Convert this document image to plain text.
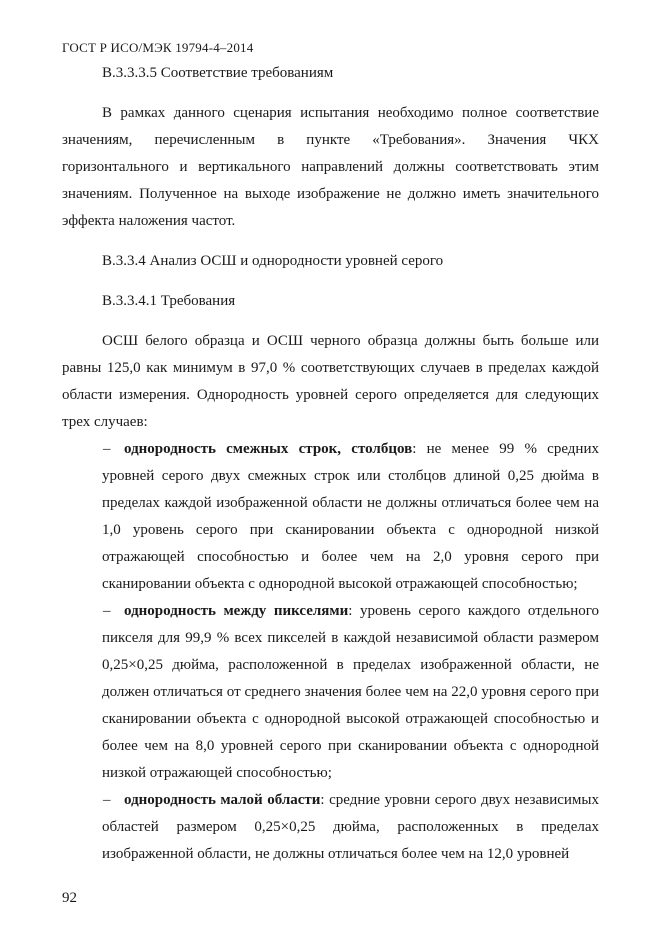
ГОСТ Р ИСО/МЭК 19794-4–2014

В.3.3.3.5 Соответствие требованиям

В рамках данного сценария испытания необходимо полное соответствие значениям, перечисленным в пункте «Требования». Значения ЧКХ горизонтального и вертикального направлений должны соответствовать этим значениям. Полученное на выходе изображение не должно иметь значительного эффекта наложения частот.

В.3.3.4 Анализ ОСШ и однородности уровней серого

В.3.3.4.1 Требования

ОСШ белого образца и ОСШ черного образца должны быть больше или равны 125,0 как минимум в 97,0 % соответствующих случаев в пределах каждой области измерения. Однородность уровней серого определяется для следующих трех случаев:

– однородность смежных строк, столбцов: не менее 99 % средних уровней серого двух смежных строк или столбцов длиной 0,25 дюйма в пределах каждой изображенной области не должны отличаться более чем на 1,0 уровень серого при сканировании объекта с однородной низкой отражающей способностью и более чем на 2,0 уровня серого при сканировании объекта с однородной высокой отражающей способностью;

– однородность между пикселями: уровень серого каждого отдельного пикселя для 99,9 % всех пикселей в каждой независимой области размером 0,25×0,25 дюйма, расположенной в пределах изображенной области, не должен отличаться от среднего значения более чем на 22,0 уровня серого при сканировании объекта с однородной высокой отражающей способностью и более чем на 8,0 уровней серого при сканировании объекта с однородной низкой отражающей способностью;

– однородность малой области: средние уровни серого двух независимых областей размером 0,25×0,25 дюйма, расположенных в пределах изображенной области, не должны отличаться более чем на 12,0 уровней

92
